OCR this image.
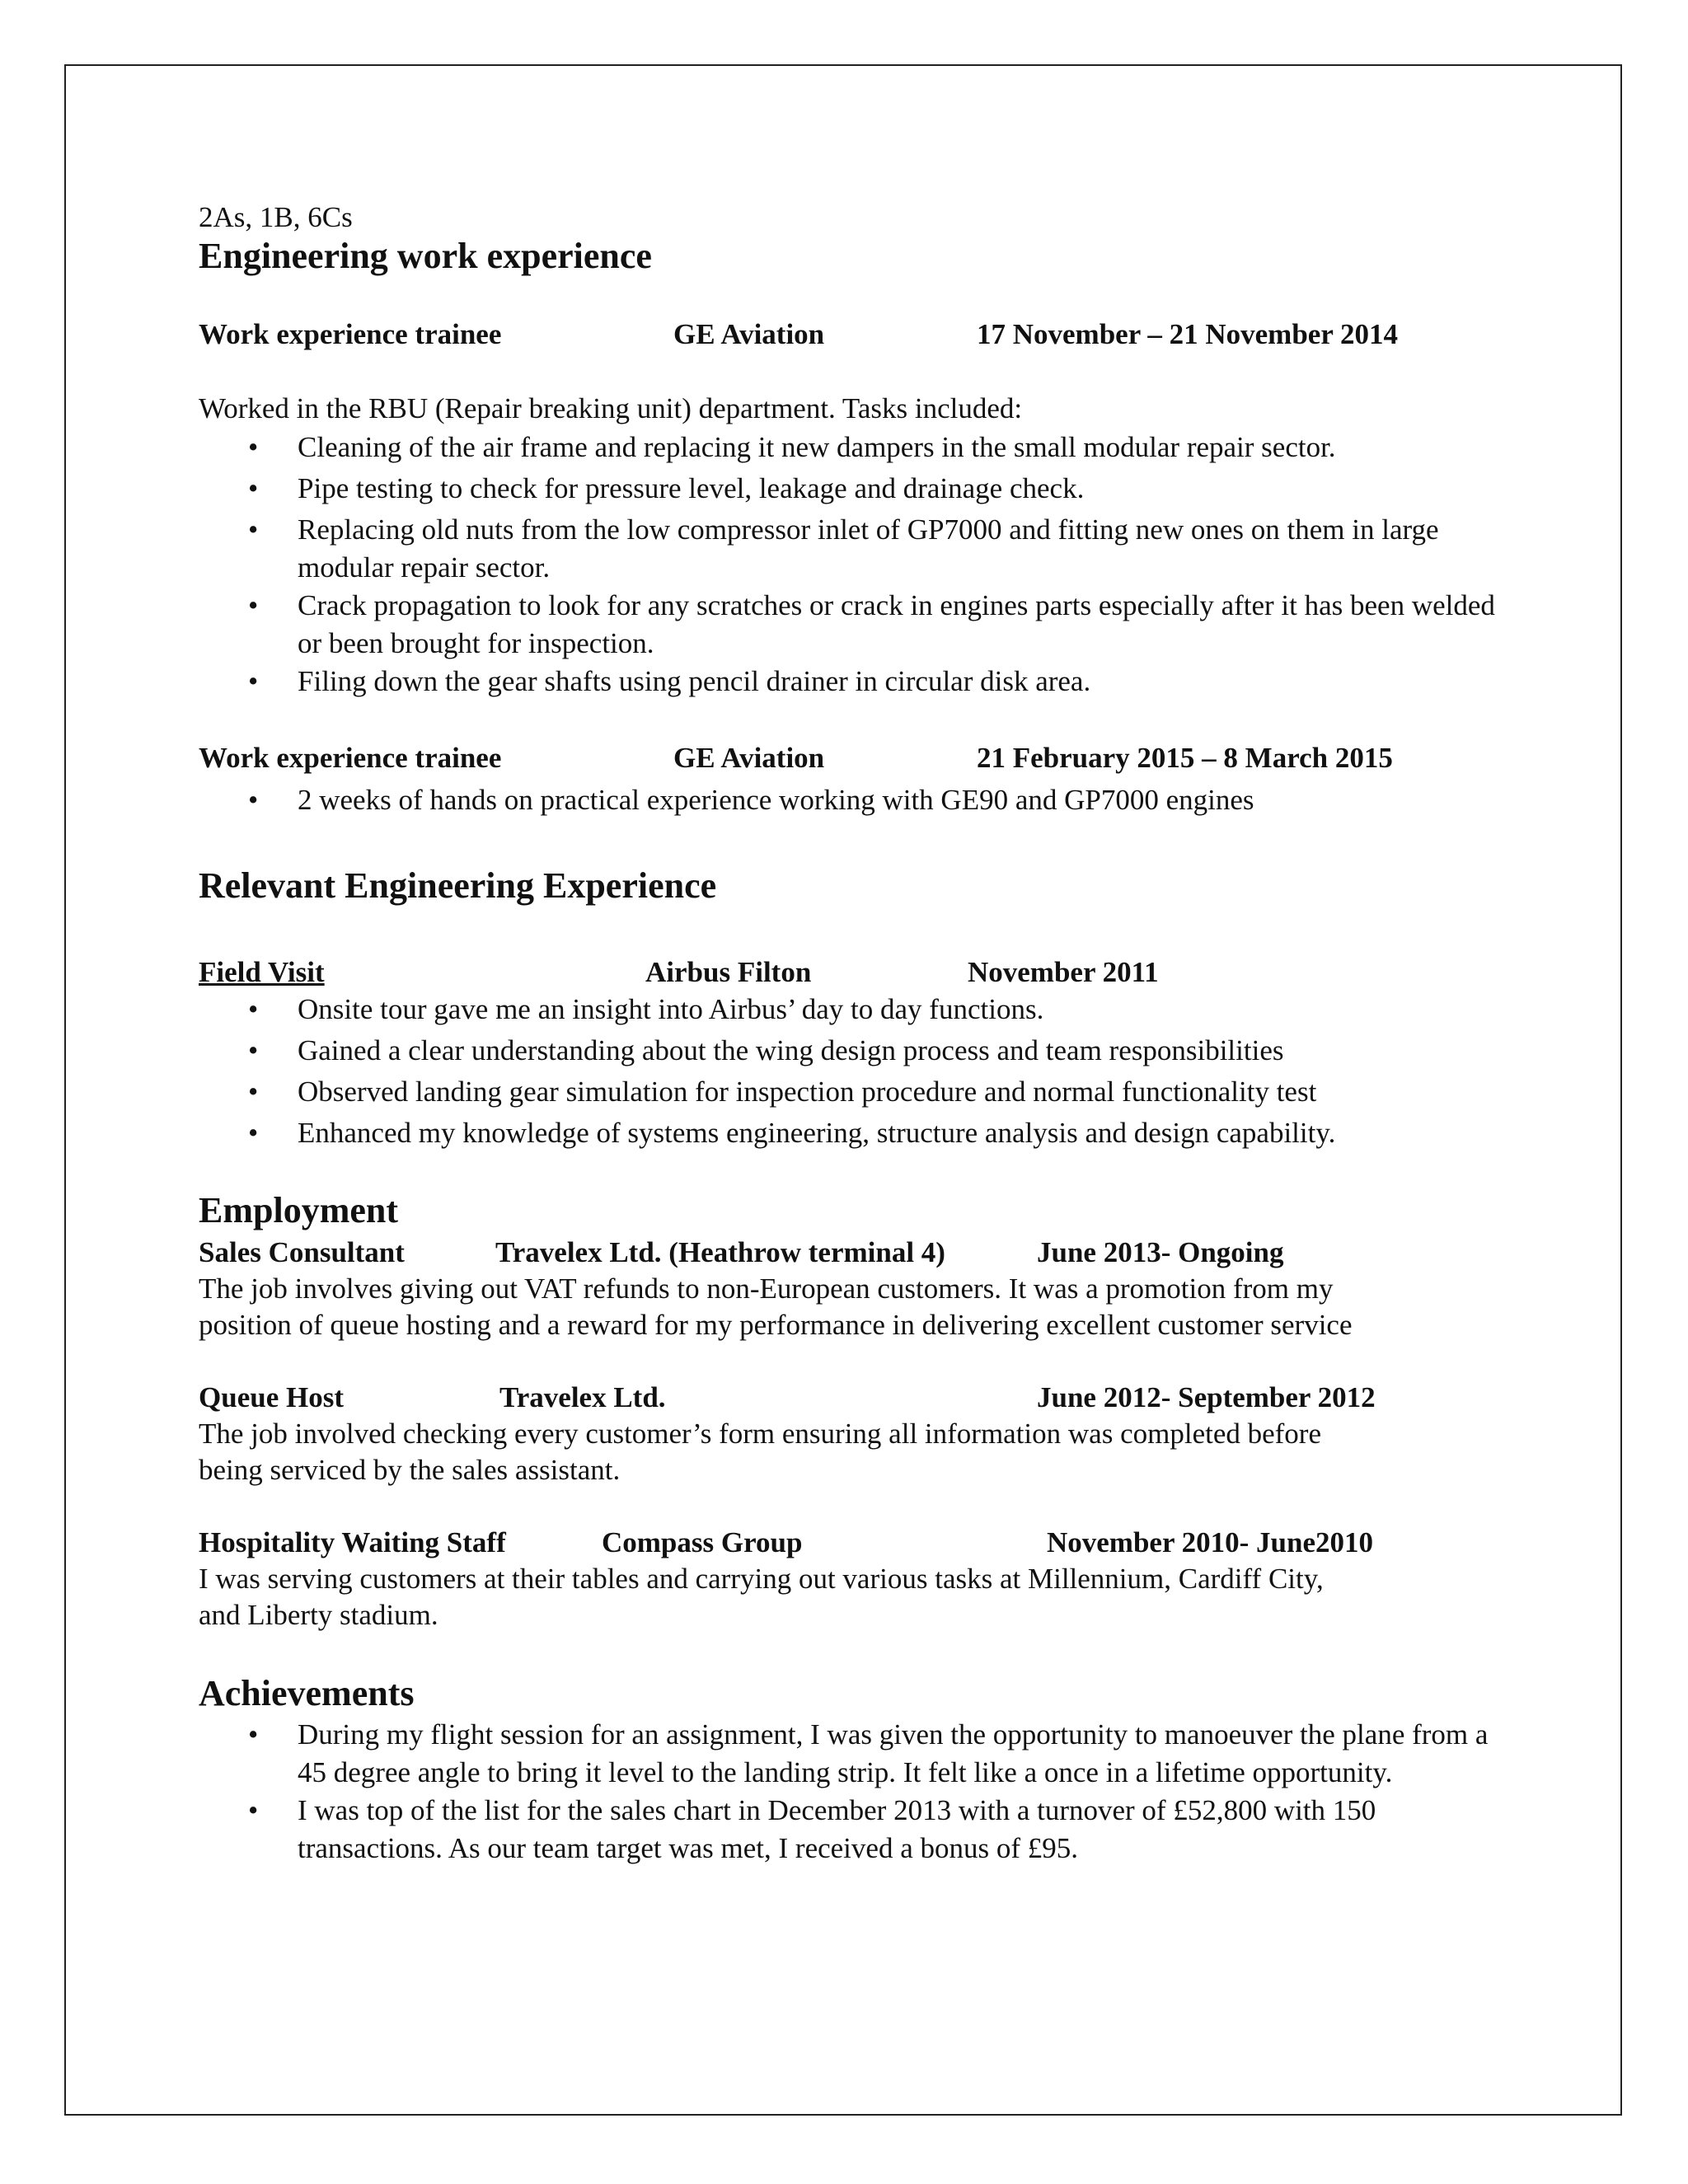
2As, 1B, 6Cs
Engineering work experience
Work experience trainee	GE Aviation	17 November – 21 November 2014
Worked in the RBU (Repair breaking unit) department. Tasks included:
• Cleaning of the air frame and replacing it new dampers in the small modular repair sector.
• Pipe testing to check for pressure level, leakage and drainage check.
• Replacing old nuts from the low compressor inlet of GP7000 and fitting new ones on them in large modular repair sector.
• Crack propagation to look for any scratches or crack in engines parts especially after it has been welded or been brought for inspection.
• Filing down the gear shafts using pencil drainer in circular disk area.
Work experience trainee	GE Aviation	21 February 2015 – 8 March 2015
• 2 weeks of hands on practical experience working with GE90 and GP7000 engines
Relevant Engineering Experience
Field Visit	Airbus Filton	November 2011
• Onsite tour gave me an insight into Airbus’ day to day functions.
• Gained a clear understanding about the wing design process and team responsibilities
• Observed landing gear simulation for inspection procedure and normal functionality test
• Enhanced my knowledge of systems engineering, structure analysis and design capability.
Employment
Sales Consultant	Travelex Ltd. (Heathrow terminal 4)	June 2013- Ongoing
The job involves giving out VAT refunds to non-European customers. It was a promotion from my
position of queue hosting and a reward for my performance in delivering excellent customer service
Queue Host	Travelex Ltd.	June 2012- September 2012
The job involved checking every customer’s form ensuring all information was completed before
being serviced by the sales assistant.
Hospitality Waiting Staff	Compass Group	November 2010- June2010
I was serving customers at their tables and carrying out various tasks at Millennium, Cardiff City,
and Liberty stadium.
Achievements
• During my flight session for an assignment, I was given the opportunity to manoeuver the plane from a 45 degree angle to bring it level to the landing strip. It felt like a once in a lifetime opportunity.
• I was top of the list for the sales chart in December 2013 with a turnover of £52,800 with 150 transactions. As our team target was met, I received a bonus of £95.
